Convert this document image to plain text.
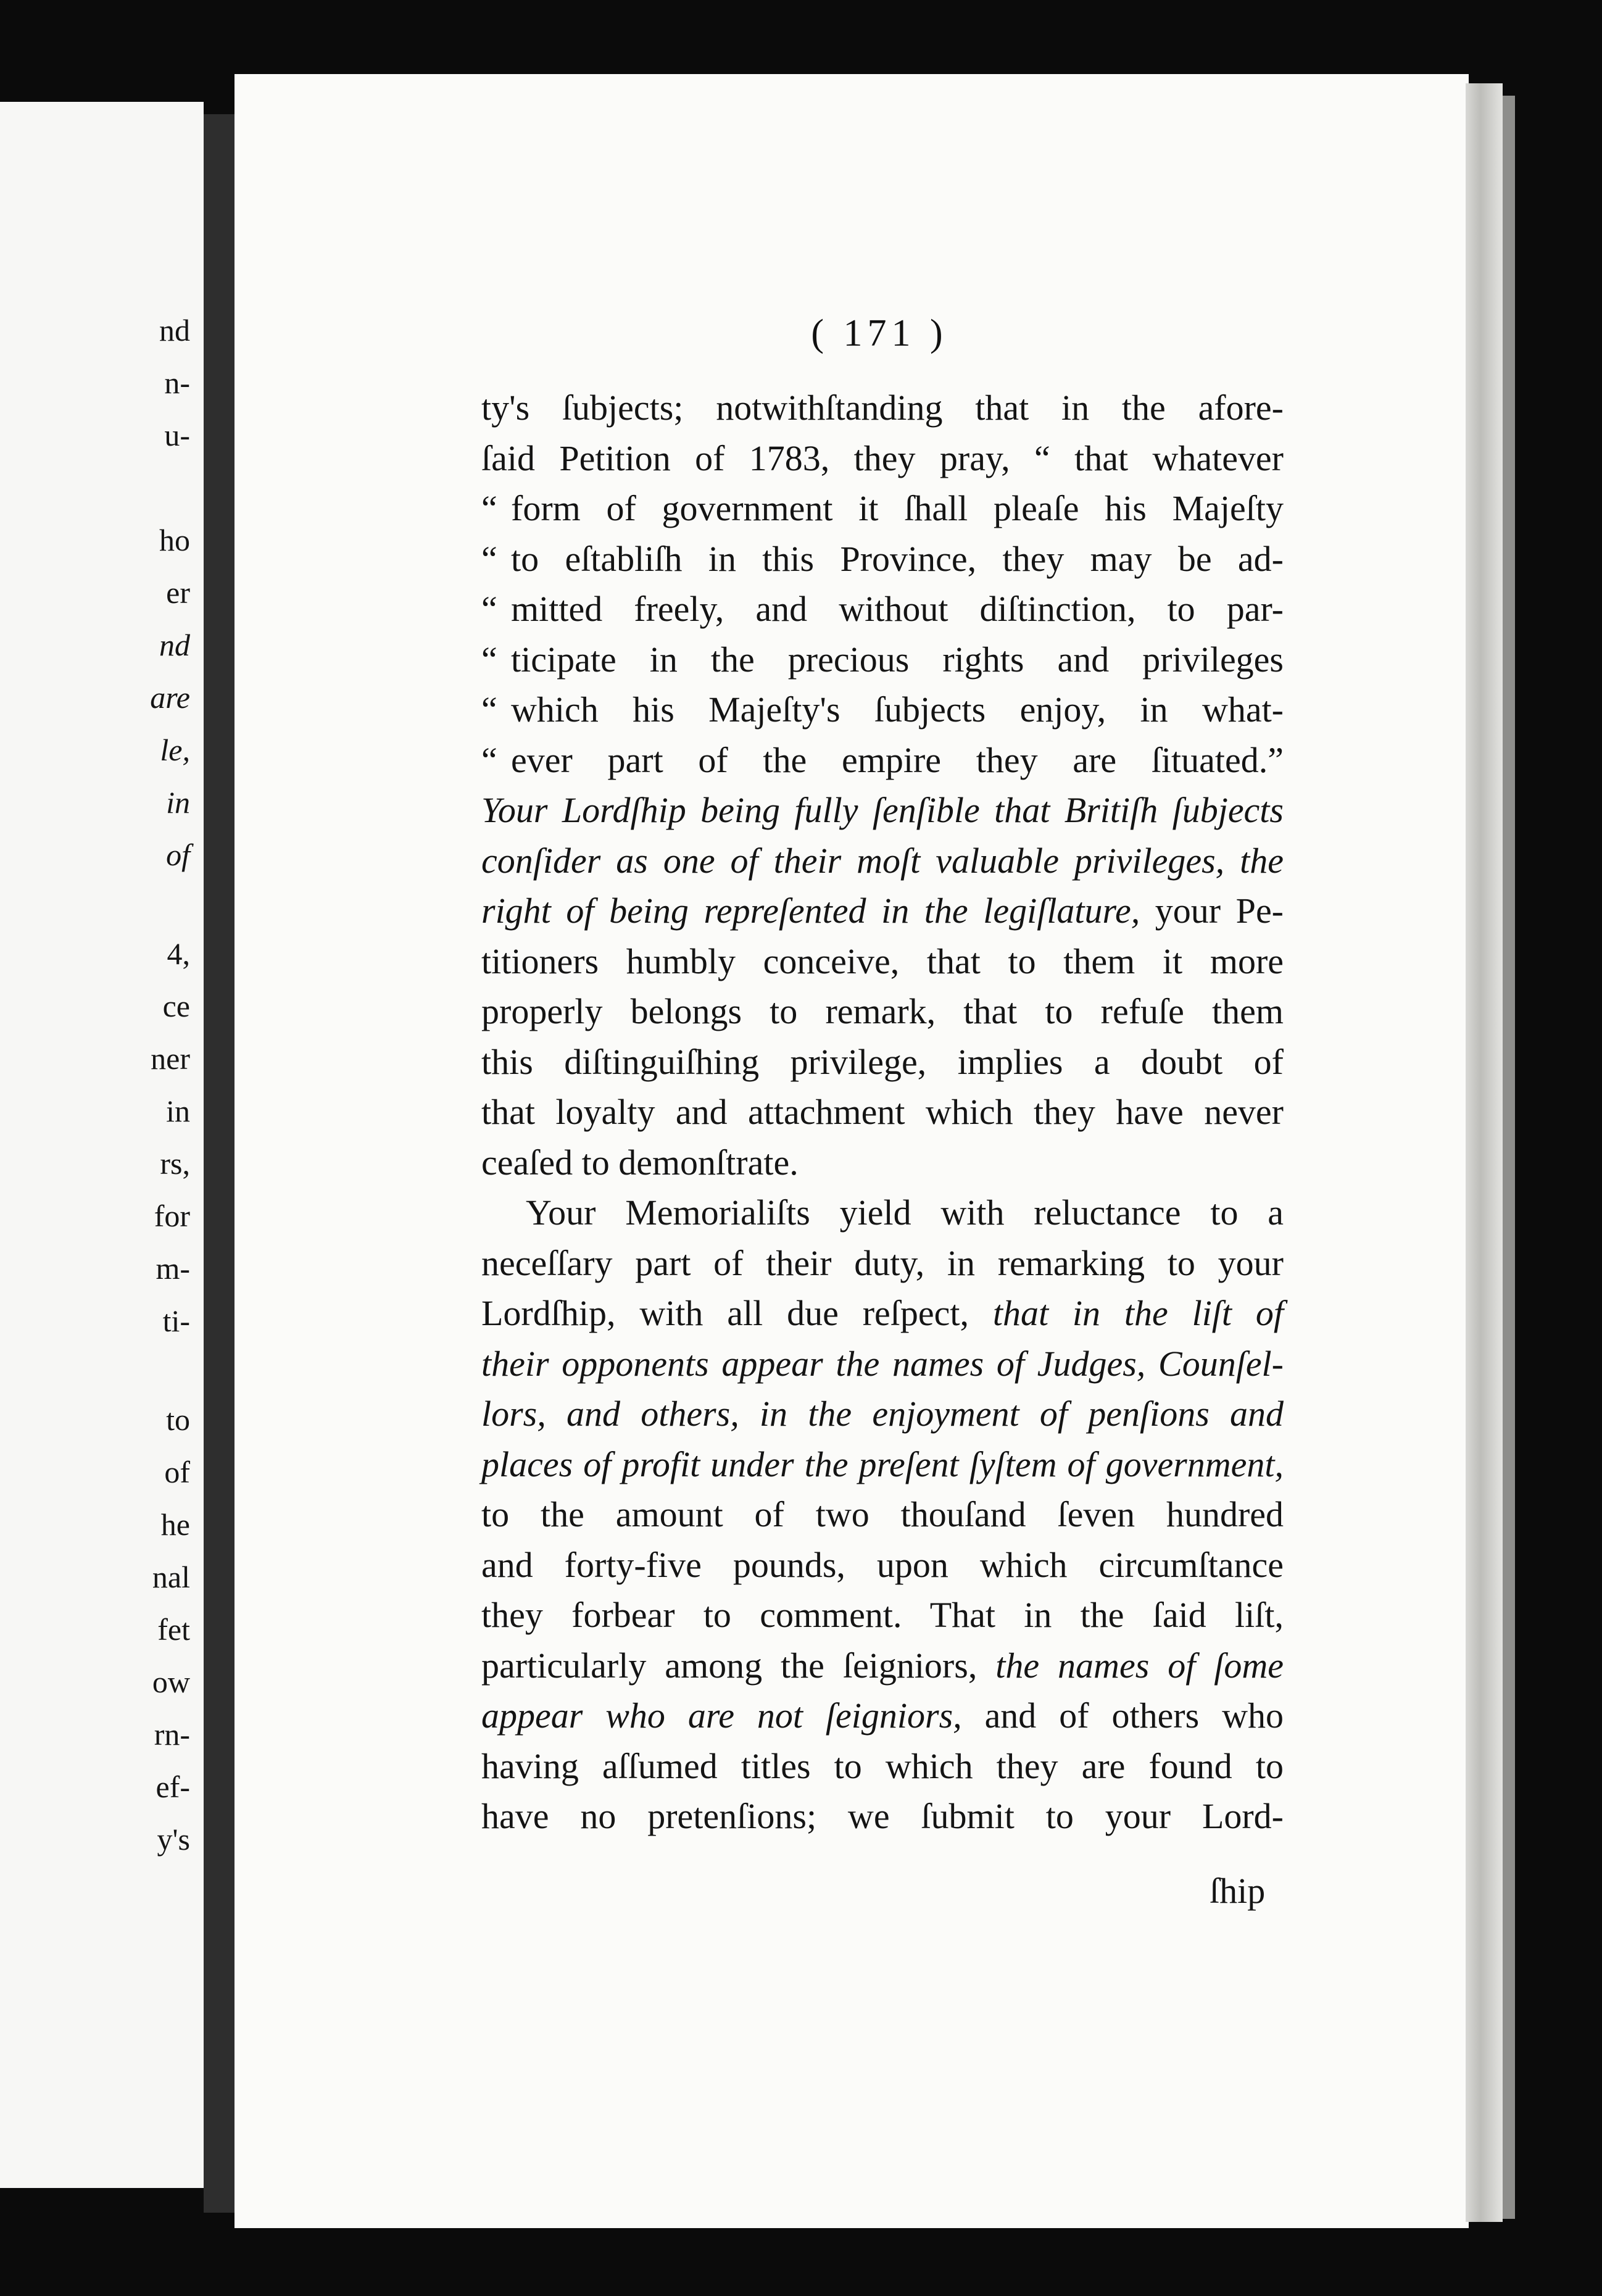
nd
n-
u-
ho
er
nd
are
le,
in
of
4,
ce
ner
in
rs,
for
m-
ti-
to
of
he
nal
fet
ow
rn-
ef-
y's
( 171 )
ty's ſubjects; notwithſtanding that in the afore-
ſaid Petition of 1783, they pray, “ that whatever
“ form of government it ſhall pleaſe his Majeſty
“ to eſtabliſh in this Province, they may be ad-
“ mitted freely, and without diſtinction, to par-
“ ticipate in the precious rights and privileges
“ which his Majeſty's ſubjects enjoy, in what-
“ ever part of the empire they are ſituated.”
Your Lordſhip being fully ſenſible that Britiſh ſubjects
conſider as one of their moſt valuable privileges, the
right of being repreſented in the legiſlature, your Pe-
titioners humbly conceive, that to them it more
properly belongs to remark, that to refuſe them
this diſtinguiſhing privilege, implies a doubt of
that loyalty and attachment which they have never
ceaſed to demonſtrate.
Your Memorialiſts yield with reluctance to a
neceſſary part of their duty, in remarking to your
Lordſhip, with all due reſpect, that in the liſt of
their opponents appear the names of Judges, Counſel-
lors, and others, in the enjoyment of penſions and
places of profit under the preſent ſyſtem of government,
to the amount of two thouſand ſeven hundred
and forty-five pounds, upon which circumſtance
they forbear to comment. That in the ſaid liſt,
particularly among the ſeigniors, the names of ſome
appear who are not ſeigniors, and of others who
having aſſumed titles to which they are found to
have no pretenſions; we ſubmit to your Lord-
ſhip
